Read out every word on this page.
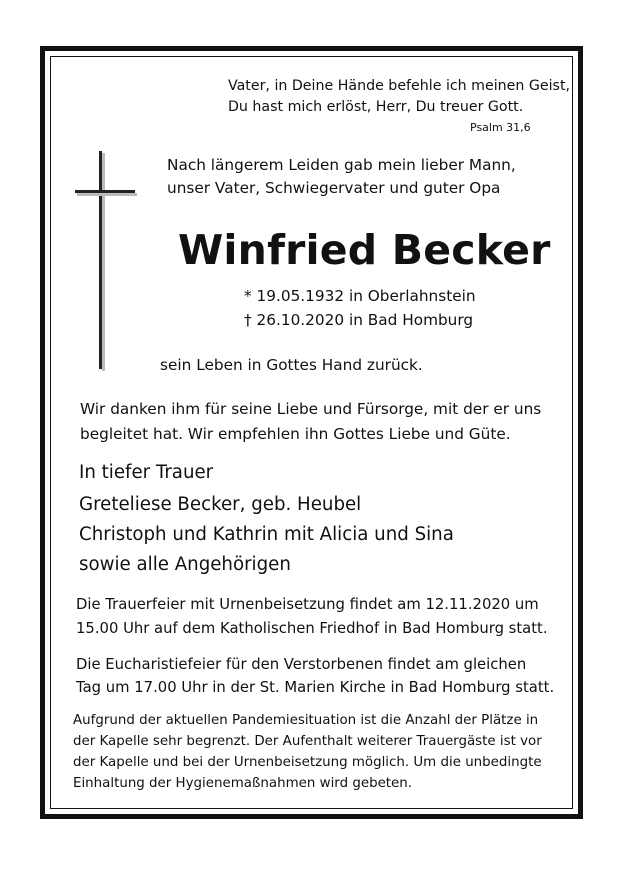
Vater, in Deine Hände befehle ich meinen Geist,
Du hast mich erlöst, Herr, Du treuer Gott.
Psalm 31,6
Nach längerem Leiden gab mein lieber Mann,
unser Vater, Schwiegervater und guter Opa
Winfried Becker
* 19.05.1932 in Oberlahnstein
† 26.10.2020 in Bad Homburg
sein Leben in Gottes Hand zurück.
Wir danken ihm für seine Liebe und Fürsorge, mit der er uns
begleitet hat. Wir empfehlen ihn Gottes Liebe und Güte.
In tiefer Trauer
Greteliese Becker, geb. Heubel
Christoph und Kathrin mit Alicia und Sina
sowie alle Angehörigen
Die Trauerfeier mit Urnenbeisetzung findet am 12.11.2020 um
15.00 Uhr auf dem Katholischen Friedhof in Bad Homburg statt.
Die Eucharistiefeier für den Verstorbenen findet am gleichen
Tag um 17.00 Uhr in der St. Marien Kirche in Bad Homburg statt.
Aufgrund der aktuellen Pandemiesituation ist die Anzahl der Plätze in
der Kapelle sehr begrenzt. Der Aufenthalt weiterer Trauergäste ist vor
der Kapelle und bei der Urnenbeisetzung möglich. Um die unbedingte
Einhaltung der Hygienemaßnahmen wird gebeten.
